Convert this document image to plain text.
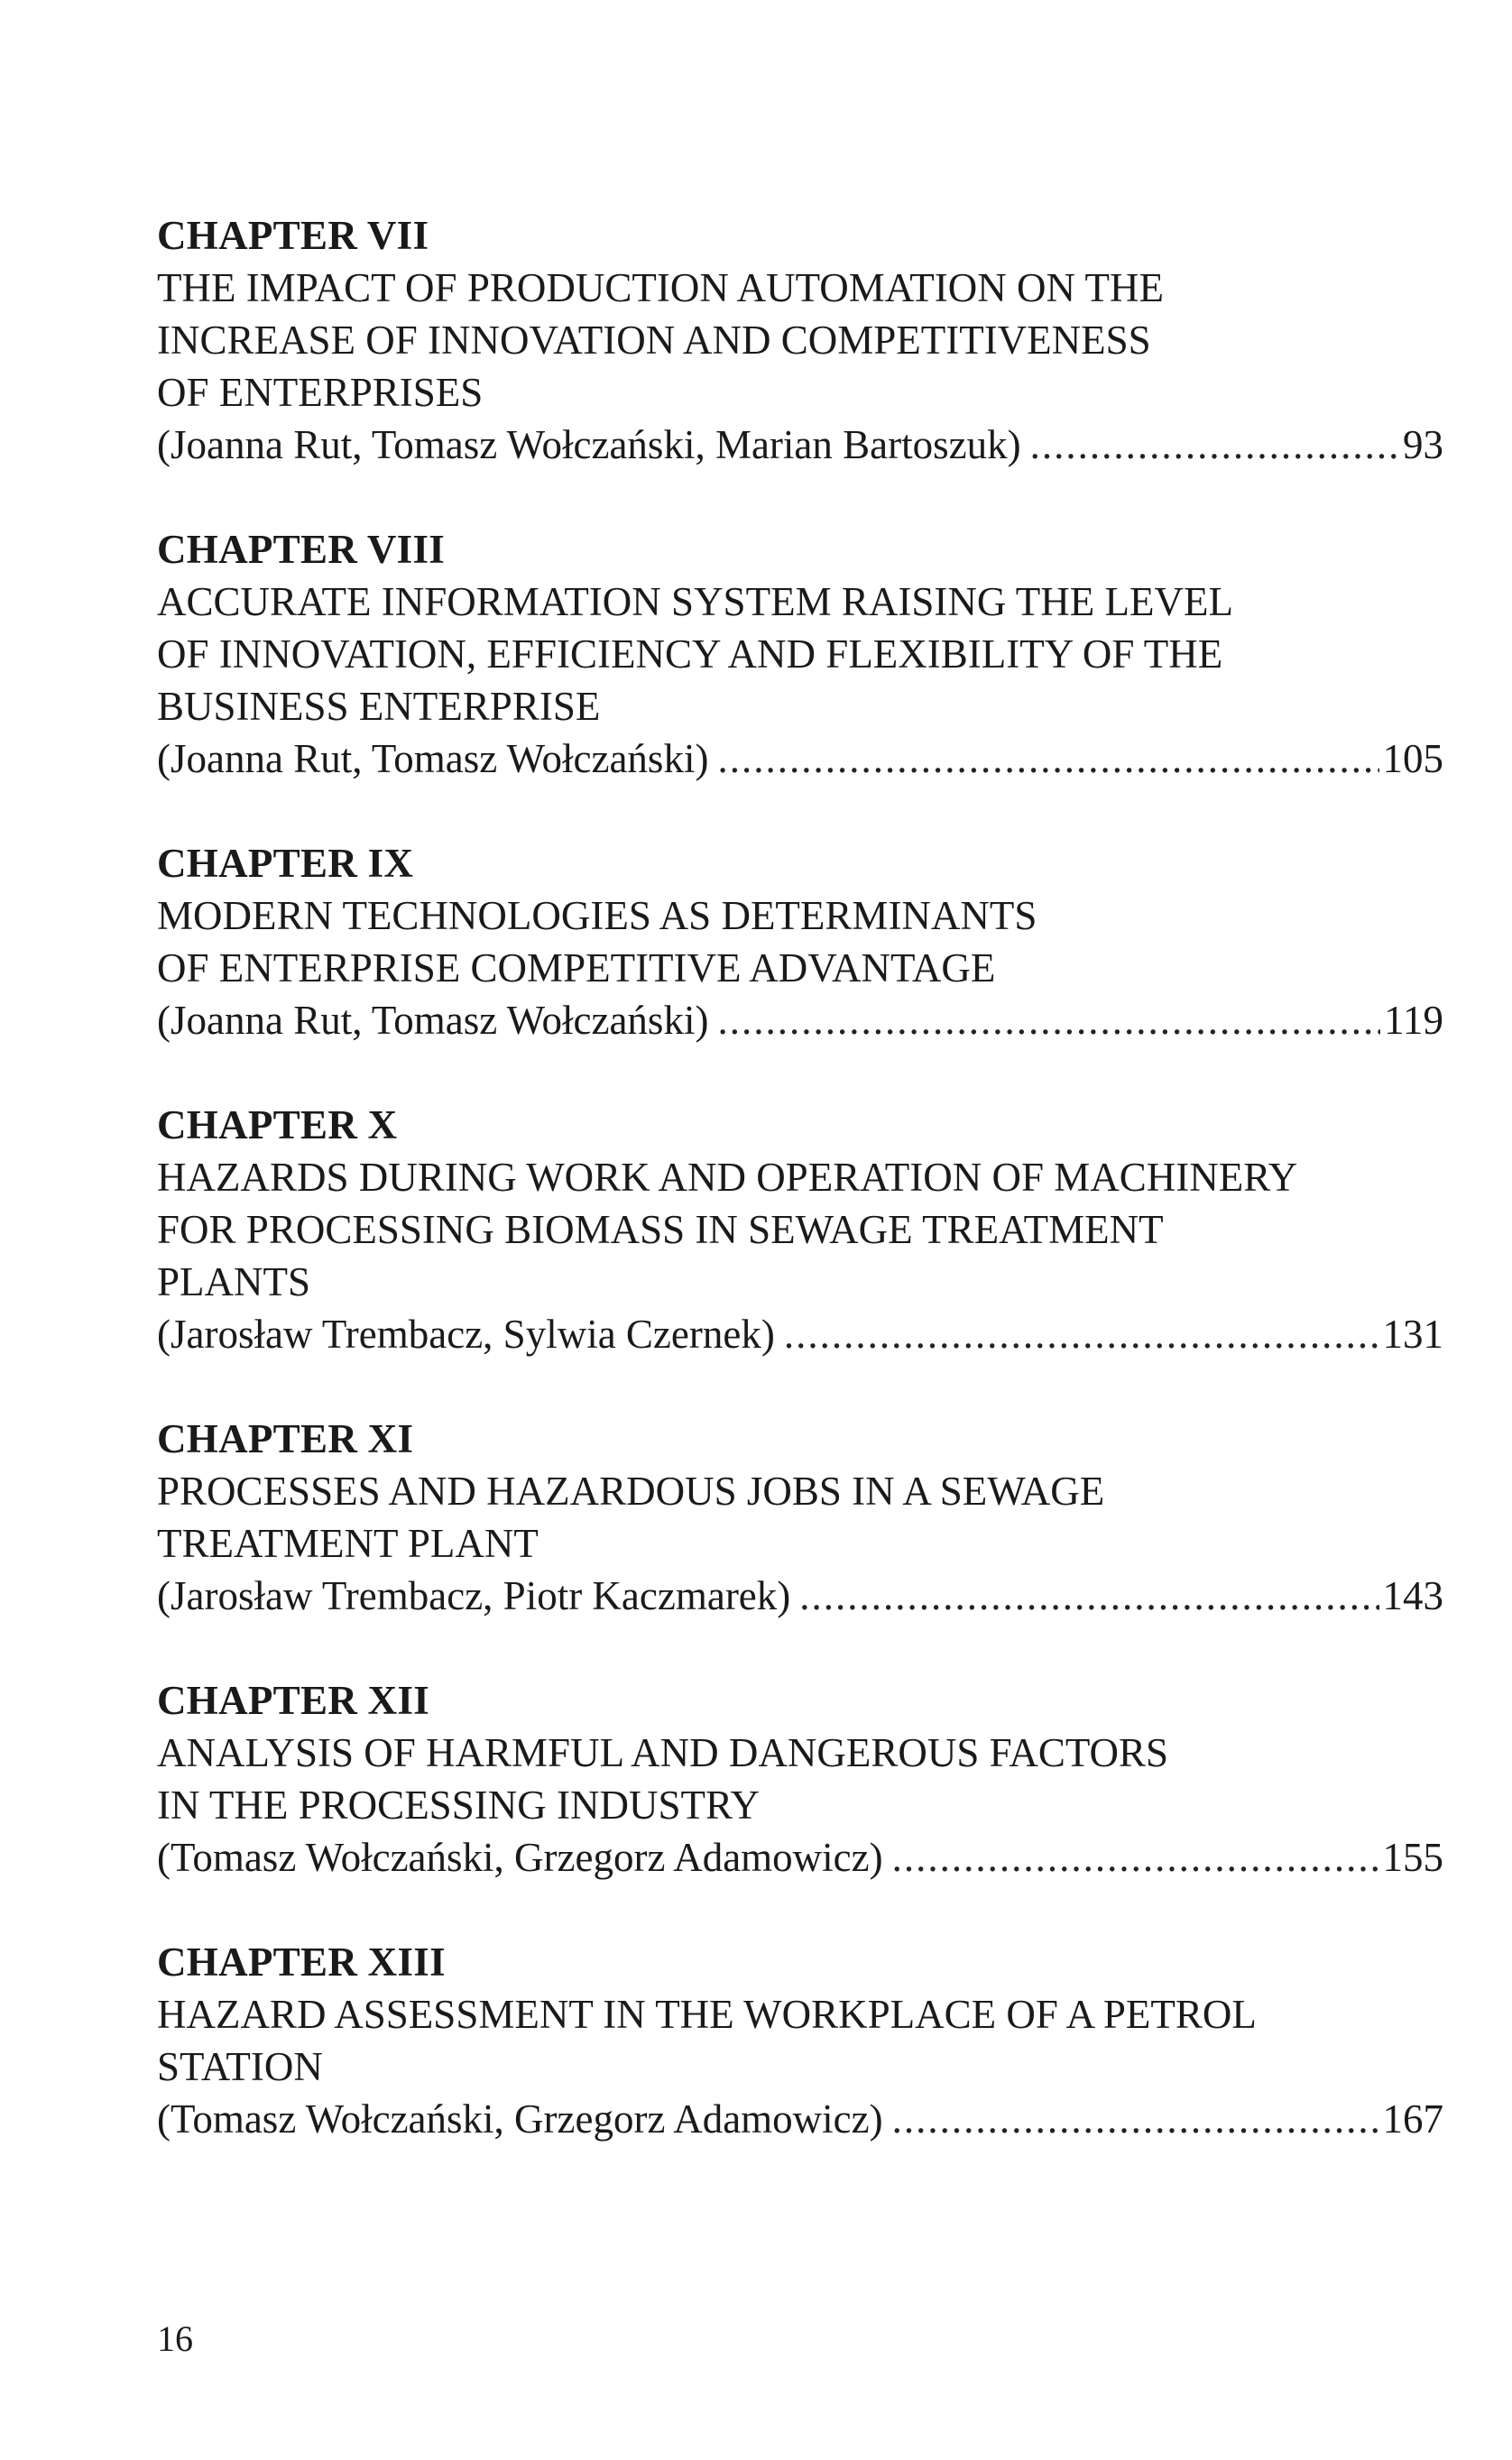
CHAPTER VII
THE IMPACT OF PRODUCTION AUTOMATION ON THE
INCREASE OF INNOVATION AND COMPETITIVENESS
OF ENTERPRISES
(Joanna Rut, Tomasz Wołczański, Marian Bartoszuk) .....	93
CHAPTER VIII
ACCURATE INFORMATION SYSTEM RAISING THE LEVEL
OF INNOVATION, EFFICIENCY AND FLEXIBILITY OF THE
BUSINESS ENTERPRISE
(Joanna Rut, Tomasz Wołczański) .....	105
CHAPTER IX
MODERN TECHNOLOGIES AS DETERMINANTS
OF ENTERPRISE COMPETITIVE ADVANTAGE
(Joanna Rut, Tomasz Wołczański) .....	119
CHAPTER X
HAZARDS DURING WORK AND OPERATION OF MACHINERY
FOR PROCESSING BIOMASS IN SEWAGE TREATMENT
PLANTS
(Jarosław Trembacz, Sylwia Czernek) .....	131
CHAPTER XI
PROCESSES AND HAZARDOUS JOBS IN A SEWAGE
TREATMENT PLANT
(Jarosław Trembacz, Piotr Kaczmarek) .....	143
CHAPTER XII
ANALYSIS OF HARMFUL AND DANGEROUS FACTORS
IN THE PROCESSING INDUSTRY
(Tomasz Wołczański, Grzegorz Adamowicz) .....	155
CHAPTER XIII
HAZARD ASSESSMENT IN THE WORKPLACE OF A PETROL
STATION
(Tomasz Wołczański, Grzegorz Adamowicz) .....	167
16
